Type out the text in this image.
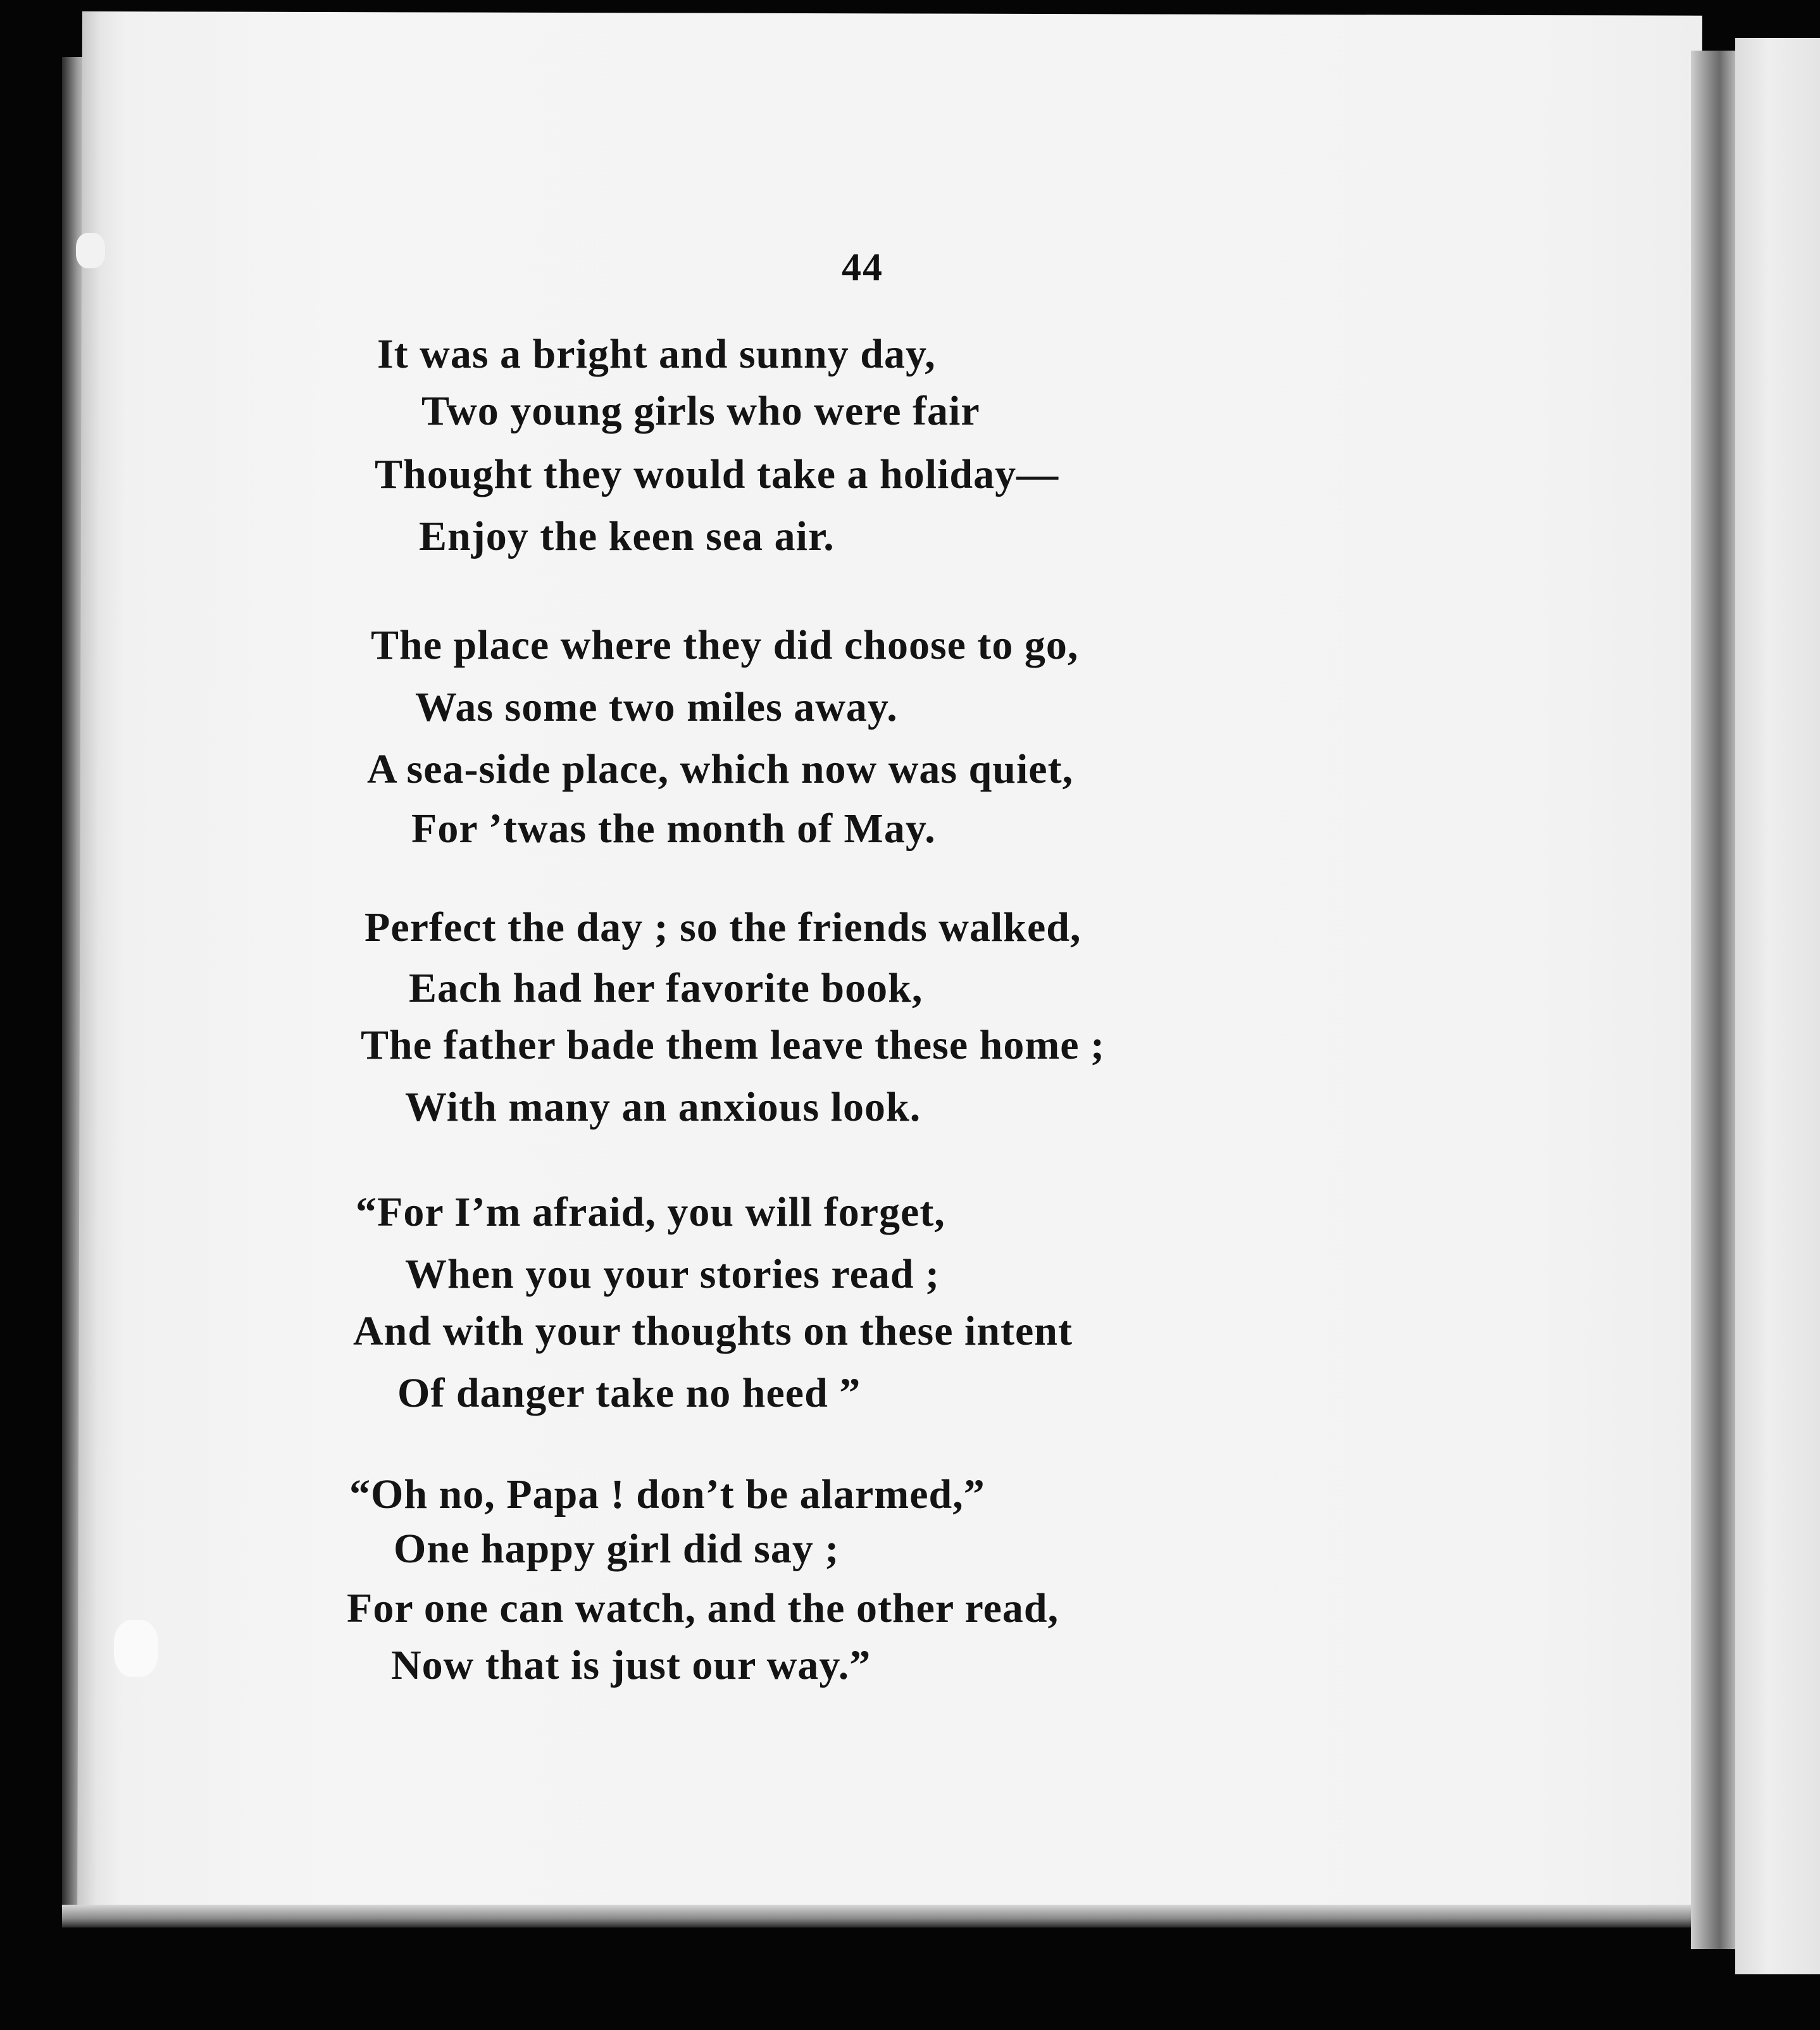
44
It was a bright and sunny day,
Two young girls who were fair
Thought they would take a holiday—
Enjoy the keen sea air.
The place where they did choose to go,
Was some two miles away.
A sea-side place, which now was quiet,
For ’twas the month of May.
Perfect the day ; so the friends walked,
Each had her favorite book,
The father bade them leave these home ;
With many an anxious look.
“For I’m afraid, you will forget,
When you your stories read ;
And with your thoughts on these intent
Of danger take no heed ”
“Oh no, Papa ! don’t be alarmed,”
One happy girl did say ;
For one can watch, and the other read,
Now that is just our way.”
